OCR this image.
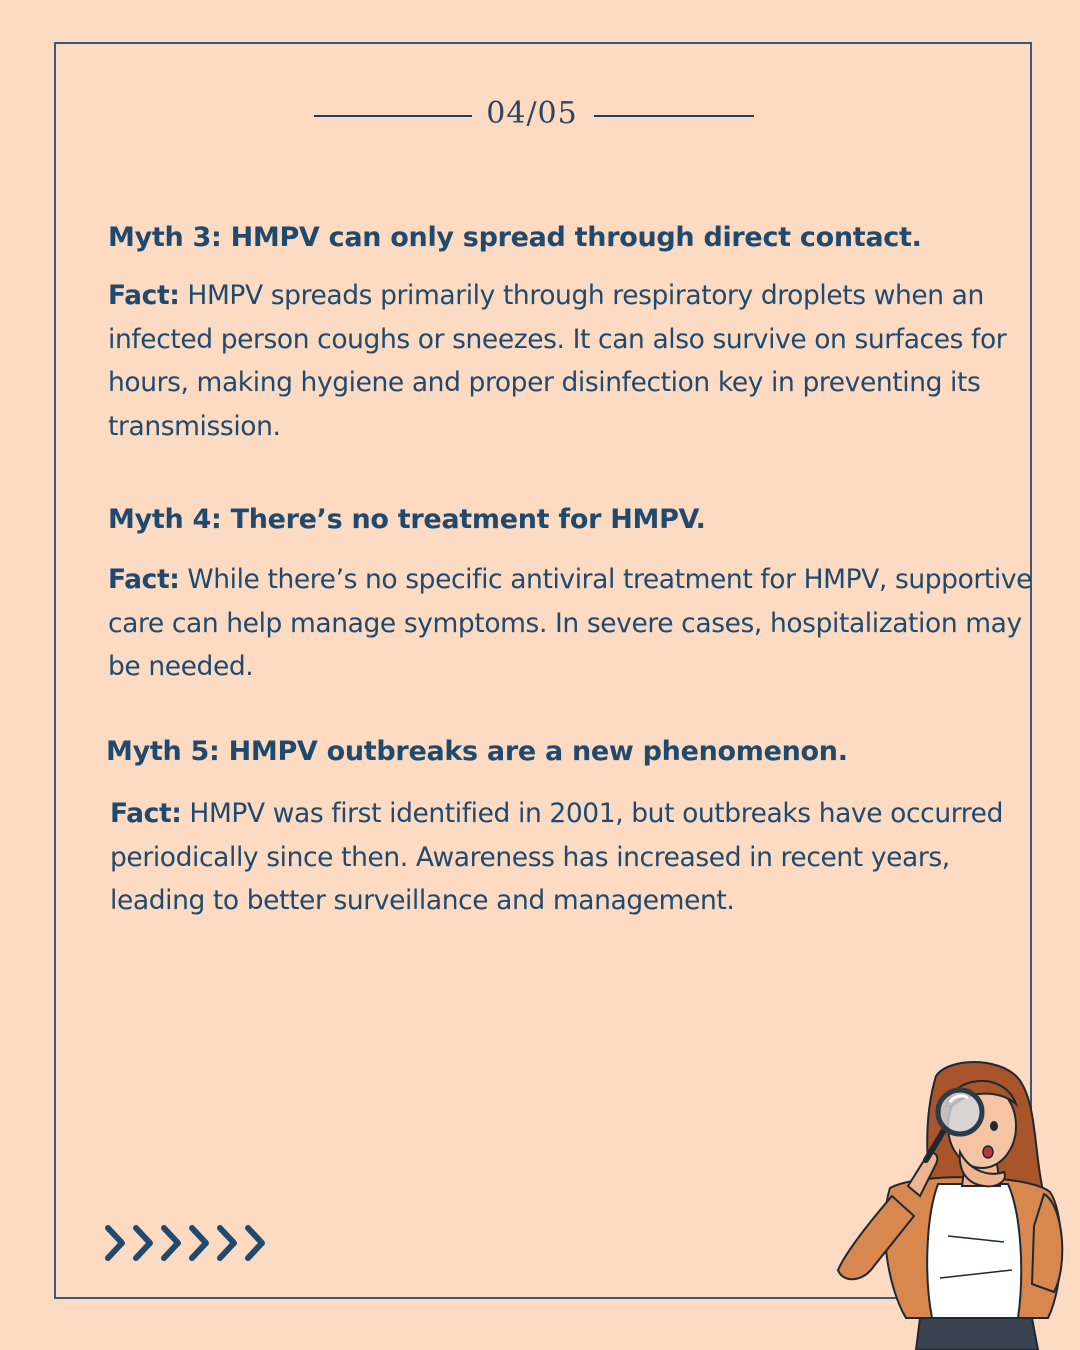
04/05

Myth 3: HMPV can only spread through direct contact.

Fact: HMPV spreads primarily through respiratory droplets when an infected person coughs or sneezes. It can also survive on surfaces for hours, making hygiene and proper disinfection key in preventing its transmission.

Myth 4: There’s no treatment for HMPV.

Fact: While there’s no specific antiviral treatment for HMPV, supportive care can help manage symptoms. In severe cases, hospitalization may be needed.

Myth 5: HMPV outbreaks are a new phenomenon.

Fact: HMPV was first identified in 2001, but outbreaks have occurred periodically since then. Awareness has increased in recent years, leading to better surveillance and management.
